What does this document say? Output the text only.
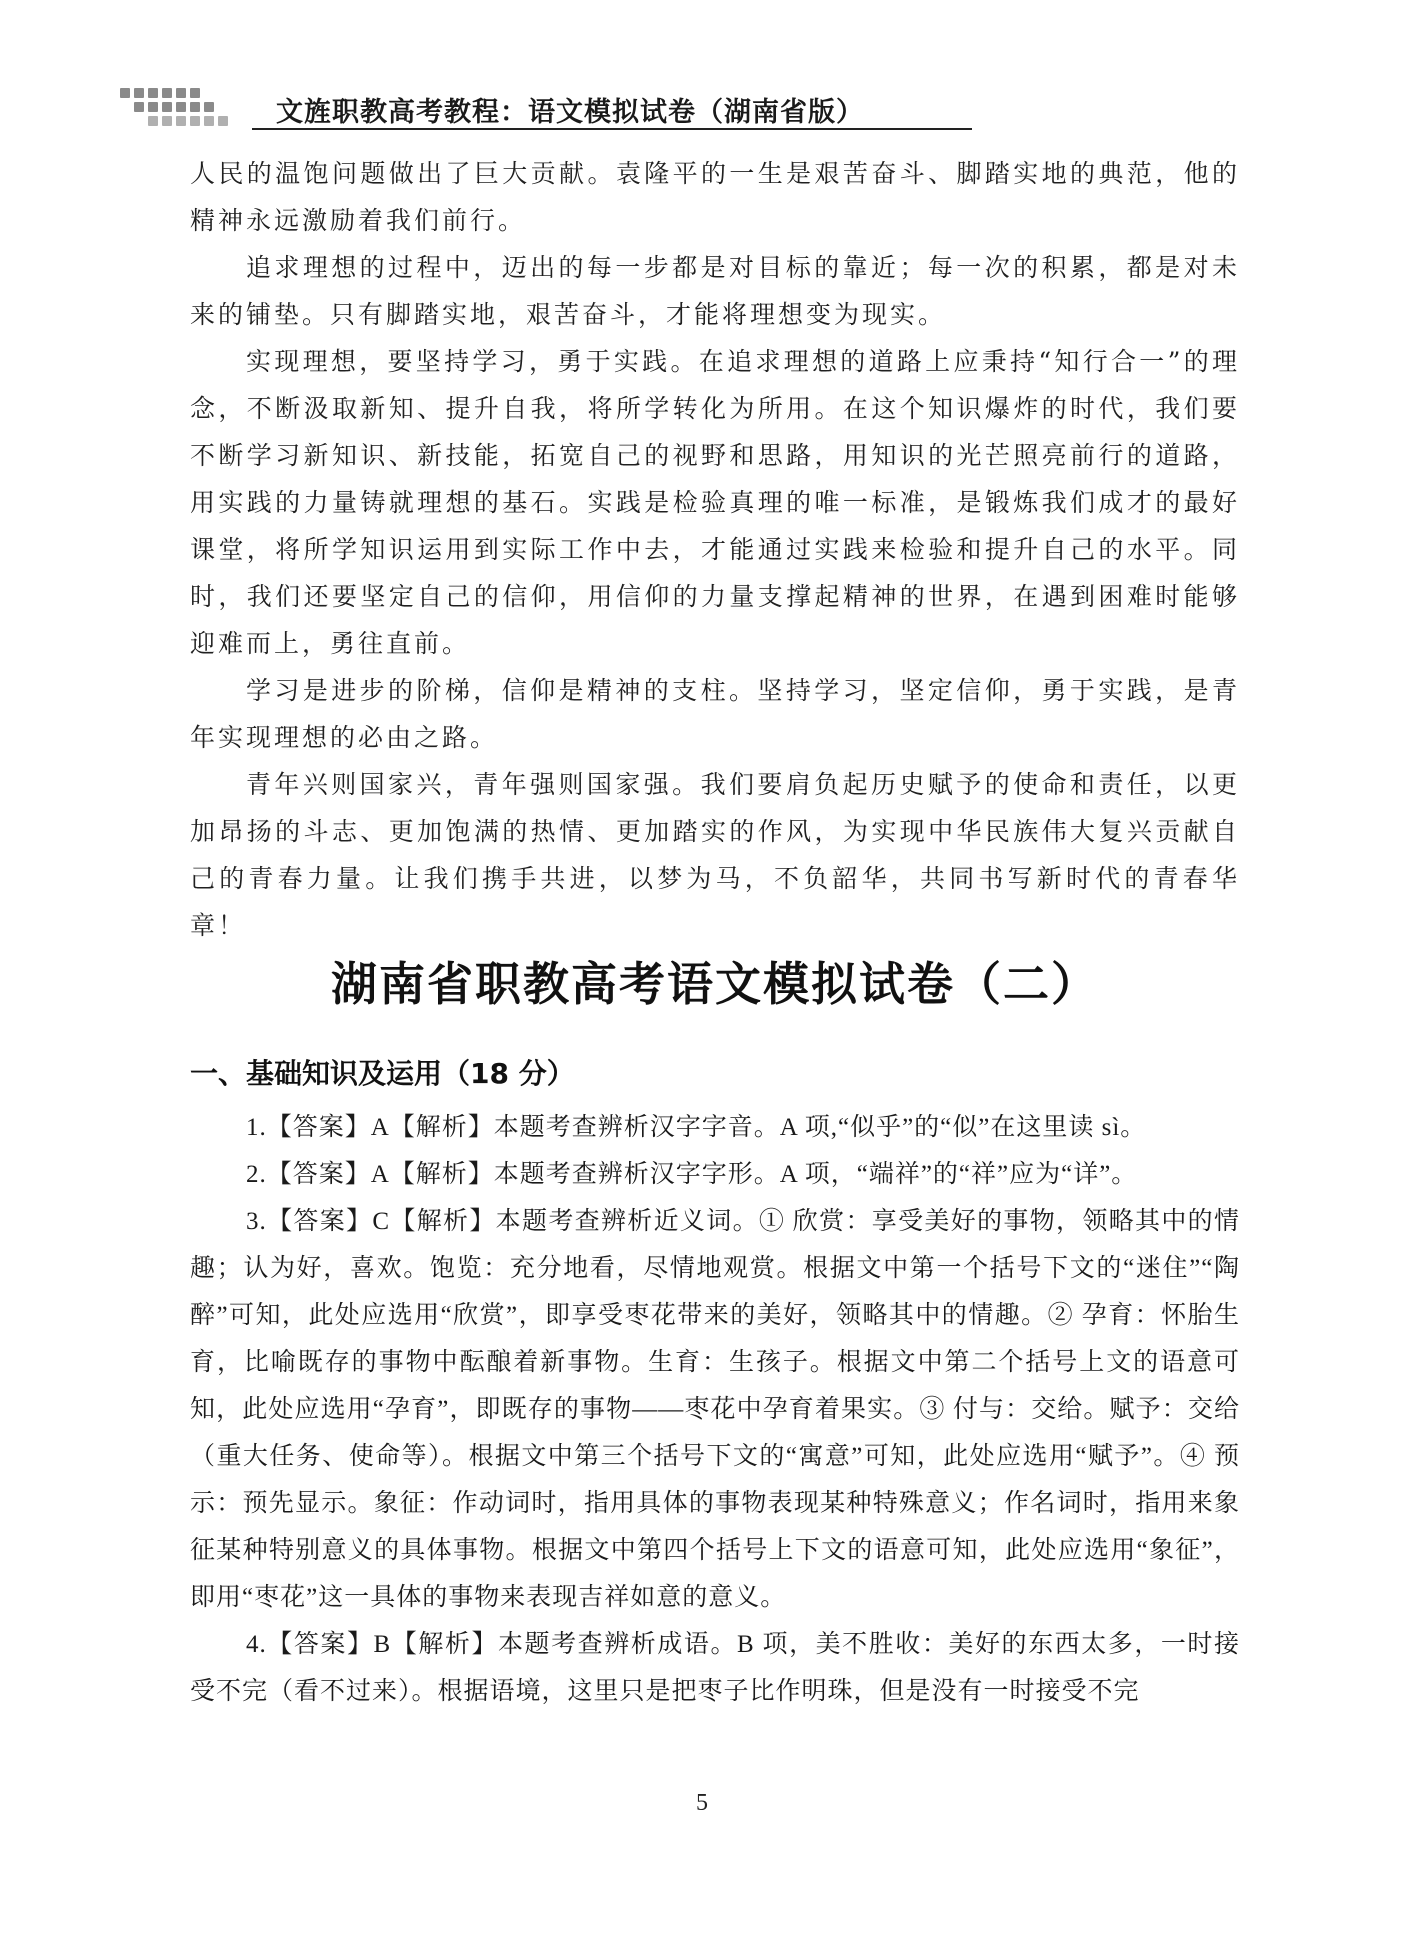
文旌职教高考教程：语文模拟试卷（湖南省版）

人民的温饱问题做出了巨大贡献。袁隆平的一生是艰苦奋斗、脚踏实地的典范，他的精神永远激励着我们前行。

追求理想的过程中，迈出的每一步都是对目标的靠近；每一次的积累，都是对未来的铺垫。只有脚踏实地，艰苦奋斗，才能将理想变为现实。

实现理想，要坚持学习，勇于实践。在追求理想的道路上应秉持“知行合一”的理念，不断汲取新知、提升自我，将所学转化为所用。在这个知识爆炸的时代，我们要不断学习新知识、新技能，拓宽自己的视野和思路，用知识的光芒照亮前行的道路，用实践的力量铸就理想的基石。实践是检验真理的唯一标准，是锻炼我们成才的最好课堂，将所学知识运用到实际工作中去，才能通过实践来检验和提升自己的水平。同时，我们还要坚定自己的信仰，用信仰的力量支撑起精神的世界，在遇到困难时能够迎难而上，勇往直前。

学习是进步的阶梯，信仰是精神的支柱。坚持学习，坚定信仰，勇于实践，是青年实现理想的必由之路。

青年兴则国家兴，青年强则国家强。我们要肩负起历史赋予的使命和责任，以更加昂扬的斗志、更加饱满的热情、更加踏实的作风，为实现中华民族伟大复兴贡献自己的青春力量。让我们携手共进，以梦为马，不负韶华，共同书写新时代的青春华章！

湖南省职教高考语文模拟试卷（二）
一、基础知识及运用（18 分）

1.【答案】A【解析】本题考查辨析汉字字音。A 项,“似乎”的“似”在这里读 sì。

2.【答案】A【解析】本题考查辨析汉字字形。A 项，“端祥”的“祥”应为“详”。

3.【答案】C【解析】本题考查辨析近义词。① 欣赏：享受美好的事物，领略其中的情趣；认为好，喜欢。饱览：充分地看，尽情地观赏。根据文中第一个括号下文的“迷住”“陶醉”可知，此处应选用“欣赏”，即享受枣花带来的美好，领略其中的情趣。② 孕育：怀胎生育，比喻既存的事物中酝酿着新事物。生育：生孩子。根据文中第二个括号上文的语意可知，此处应选用“孕育”，即既存的事物——枣花中孕育着果实。③ 付与：交给。赋予：交给（重大任务、使命等）。根据文中第三个括号下文的“寓意”可知，此处应选用“赋予”。④ 预示：预先显示。象征：作动词时，指用具体的事物表现某种特殊意义；作名词时，指用来象征某种特别意义的具体事物。根据文中第四个括号上下文的语意可知，此处应选用“象征”，即用“枣花”这一具体的事物来表现吉祥如意的意义。

4.【答案】B【解析】本题考查辨析成语。B 项，美不胜收：美好的东西太多，一时接受不完（看不过来）。根据语境，这里只是把枣子比作明珠，但是没有一时接受不完

5
